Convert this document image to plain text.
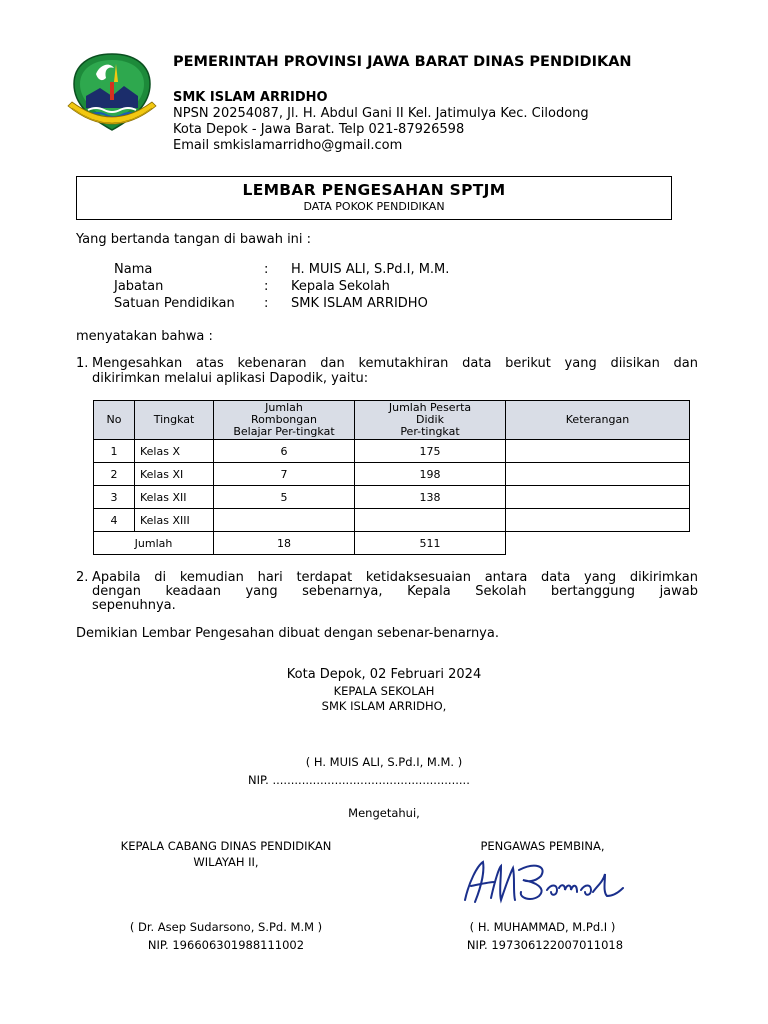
PEMERINTAH PROVINSI JAWA BARAT DINAS PENDIDIKAN
SMK ISLAM ARRIDHO
NPSN 20254087, Jl. H. Abdul Gani II Kel. Jatimulya Kec. Cilodong
Kota Depok - Jawa Barat. Telp 021-87926598
Email smkislamarridho@gmail.com
LEMBAR PENGESAHAN SPTJM
DATA POKOK PENDIDIKAN
Yang bertanda tangan di bawah ini :
Nama	: H. MUIS ALI, S.Pd.I, M.M.
Jabatan	: Kepala Sekolah
Satuan Pendidikan : SMK ISLAM ARRIDHO
menyatakan bahwa :
1. Mengesahkan atas kebenaran dan kemutakhiran data berikut yang diisikan dan
dikirimkan melalui aplikasi Dapodik, yaitu:
No	Tingkat	Jumlah
Rombongan
Belajar Per-tingkat	Jumlah Peserta
Didik
Per-tingkat	Keterangan
1	Kelas X	6	175	
2	Kelas XI	7	198	
3	Kelas XII	5	138	
4	Kelas XIII			
Jumlah		18	511	
2. Apabila di kemudian hari terdapat ketidaksesuaian antara data yang dikirimkan
dengan keadaan yang sebenarnya, Kepala Sekolah bertanggung jawab
sepenuhnya.
Demikian Lembar Pengesahan dibuat dengan sebenar-benarnya.
Kota Depok, 02 Februari 2024
KEPALA SEKOLAH
SMK ISLAM ARRIDHO,
( H. MUIS ALI, S.Pd.I, M.M. )
NIP. ......................................................
Mengetahui,
KEPALA CABANG DINAS PENDIDIKAN
WILAYAH II,
( Dr. Asep Sudarsono, S.Pd. M.M )
NIP. 196606301988111002
PENGAWAS PEMBINA,
( H. MUHAMMAD, M.Pd.I )
NIP. 197306122007011018
